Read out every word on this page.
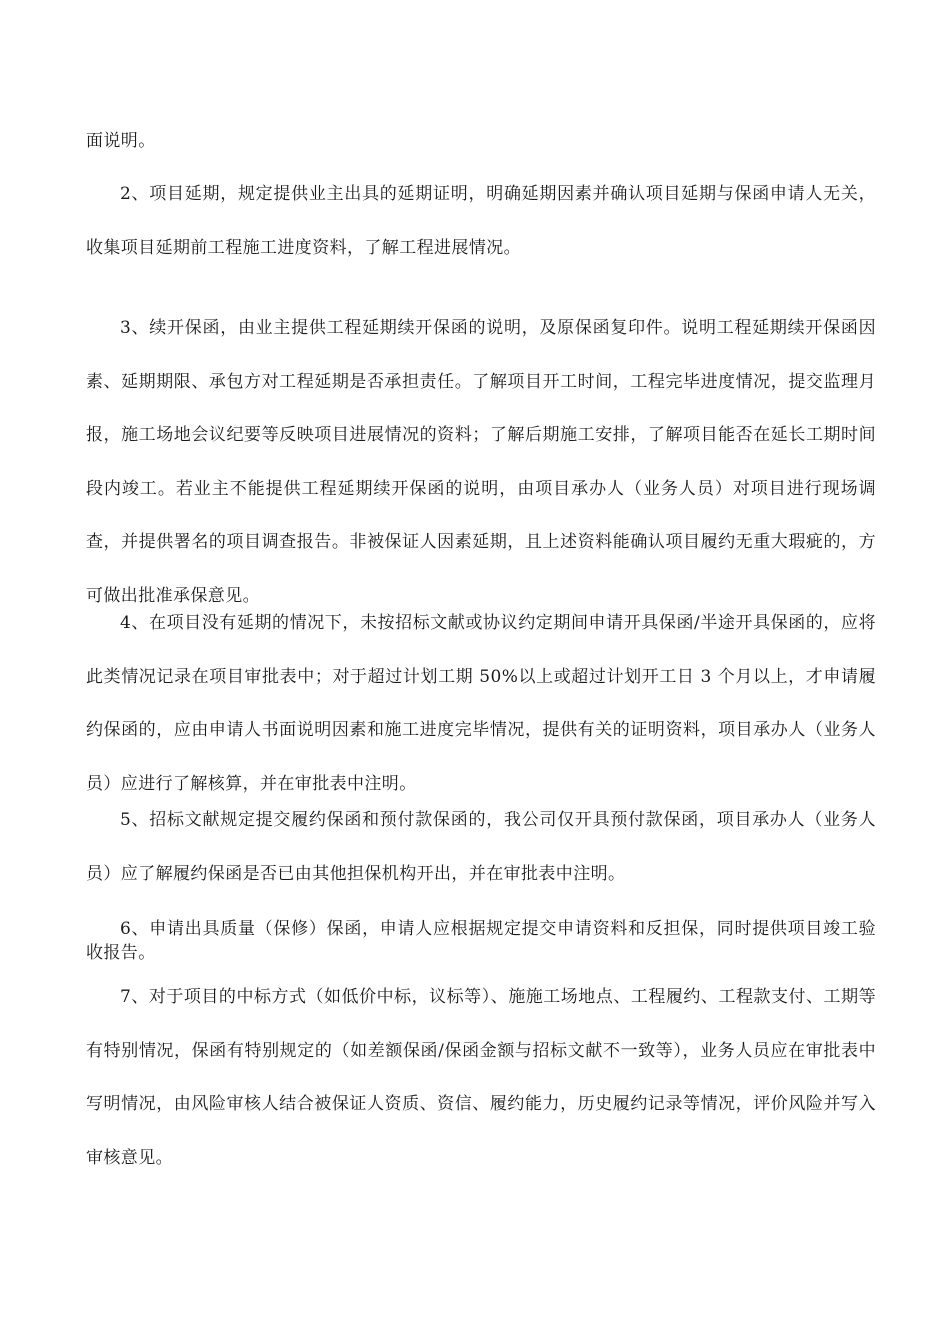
面说明。

2、项目延期，规定提供业主出具的延期证明，明确延期因素并确认项目延期与保函申请人无关，收集项目延期前工程施工进度资料，了解工程进展情况。

3、续开保函，由业主提供工程延期续开保函的说明，及原保函复印件。说明工程延期续开保函因素、延期期限、承包方对工程延期是否承担责任。了解项目开工时间，工程完毕进度情况，提交监理月报，施工场地会议纪要等反映项目进展情况的资料；了解后期施工安排，了解项目能否在延长工期时间段内竣工。若业主不能提供工程延期续开保函的说明，由项目承办人（业务人员）对项目进行现场调查，并提供署名的项目调查报告。非被保证人因素延期，且上述资料能确认项目履约无重大瑕疵的，方可做出批准承保意见。

4、在项目没有延期的情况下，未按招标文献或协议约定期间申请开具保函/半途开具保函的，应将此类情况记录在项目审批表中；对于超过计划工期 50%以上或超过计划开工日 3 个月以上，才申请履约保函的，应由申请人书面说明因素和施工进度完毕情况，提供有关的证明资料，项目承办人（业务人员）应进行了解核算，并在审批表中注明。

5、招标文献规定提交履约保函和预付款保函的，我公司仅开具预付款保函，项目承办人（业务人员）应了解履约保函是否已由其他担保机构开出，并在审批表中注明。

6、申请出具质量（保修）保函，申请人应根据规定提交申请资料和反担保，同时提供项目竣工验收报告。

7、对于项目的中标方式（如低价中标，议标等）、施施工场地点、工程履约、工程款支付、工期等有特别情况，保函有特别规定的（如差额保函/保函金额与招标文献不一致等），业务人员应在审批表中写明情况，由风险审核人结合被保证人资质、资信、履约能力，历史履约记录等情况，评价风险并写入审核意见。
